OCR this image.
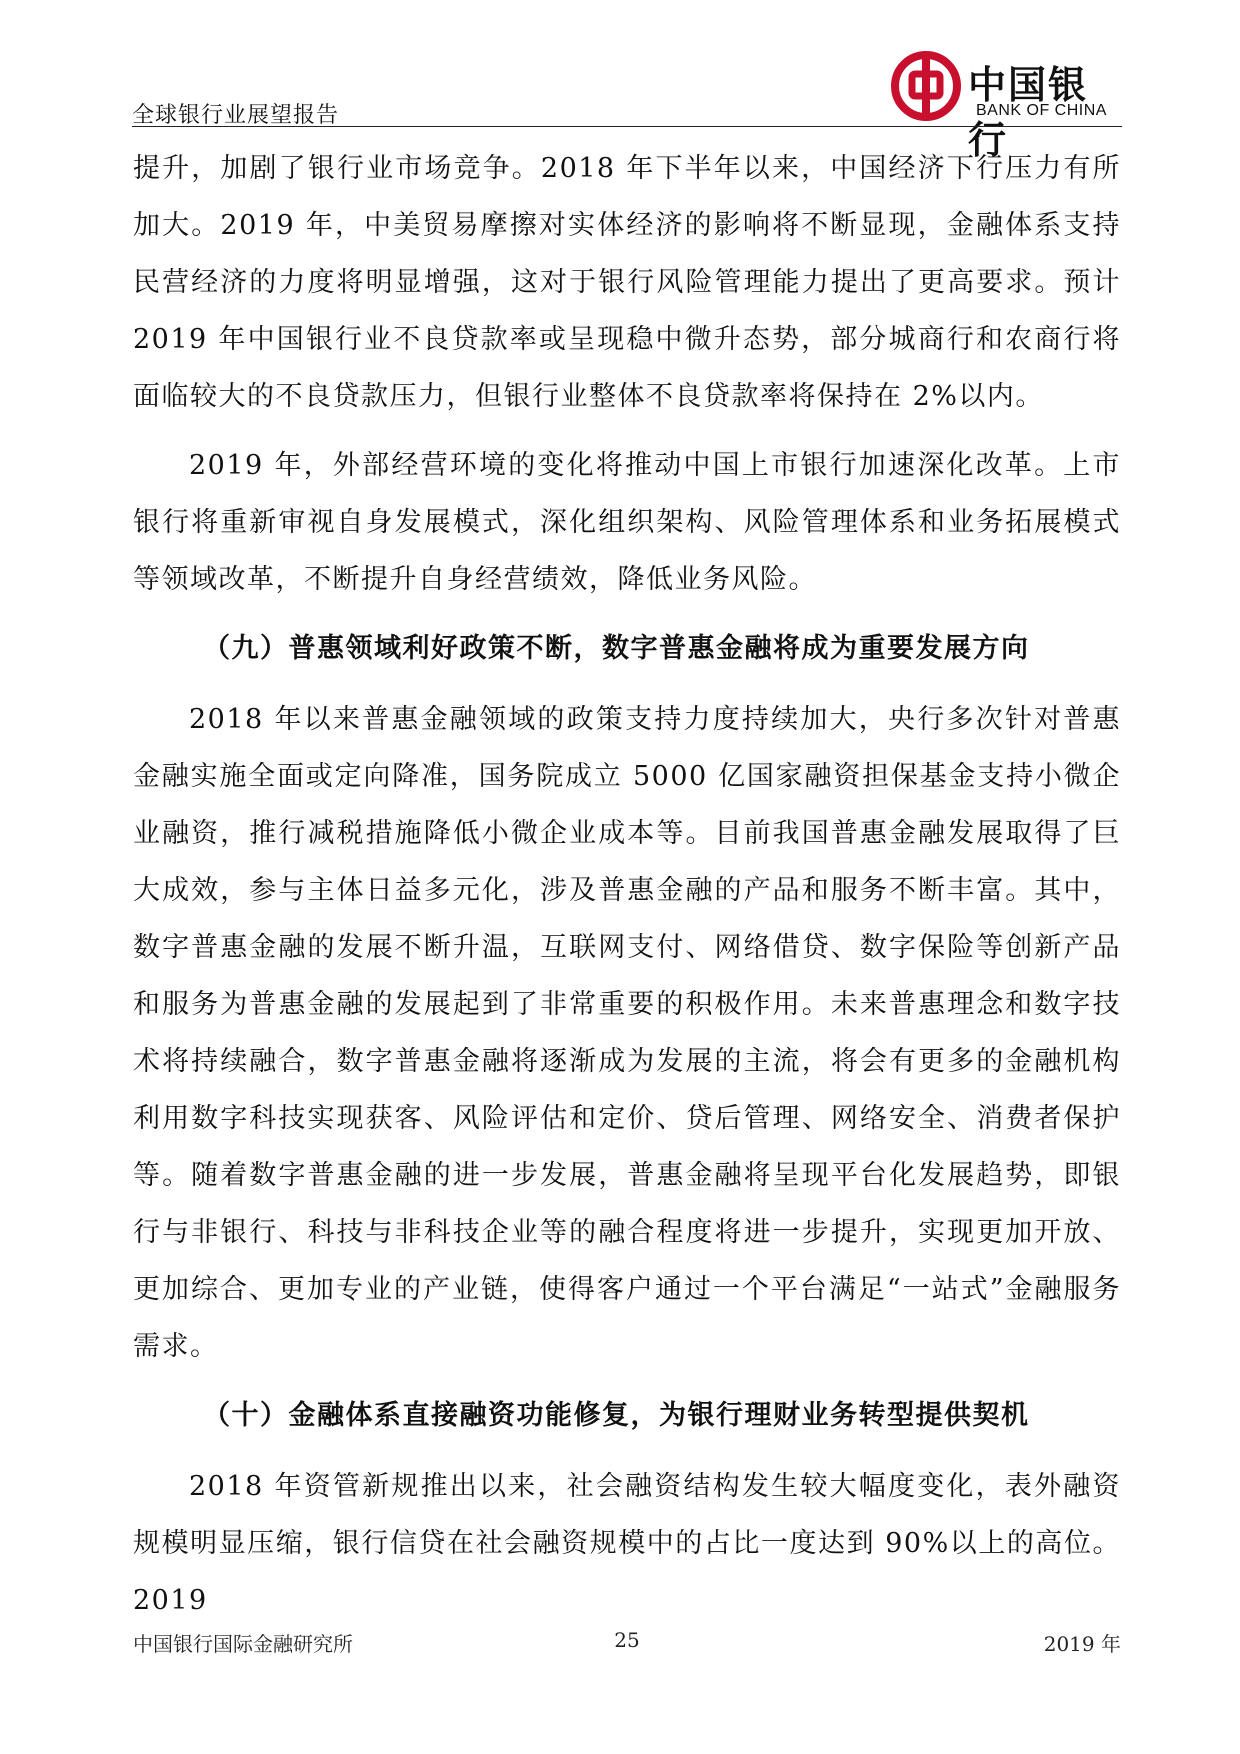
全球银行业展望报告
中国银行
BANK OF CHINA

提升，加剧了银行业市场竞争。2018 年下半年以来，中国经济下行压力有所加大。2019 年，中美贸易摩擦对实体经济的影响将不断显现，金融体系支持民营经济的力度将明显增强，这对于银行风险管理能力提出了更高要求。预计 2019 年中国银行业不良贷款率或呈现稳中微升态势，部分城商行和农商行将面临较大的不良贷款压力，但银行业整体不良贷款率将保持在 2%以内。

2019 年，外部经营环境的变化将推动中国上市银行加速深化改革。上市银行将重新审视自身发展模式，深化组织架构、风险管理体系和业务拓展模式等领域改革，不断提升自身经营绩效，降低业务风险。

（九）普惠领域利好政策不断，数字普惠金融将成为重要发展方向

2018 年以来普惠金融领域的政策支持力度持续加大，央行多次针对普惠金融实施全面或定向降准，国务院成立 5000 亿国家融资担保基金支持小微企业融资，推行减税措施降低小微企业成本等。目前我国普惠金融发展取得了巨大成效，参与主体日益多元化，涉及普惠金融的产品和服务不断丰富。其中，数字普惠金融的发展不断升温，互联网支付、网络借贷、数字保险等创新产品和服务为普惠金融的发展起到了非常重要的积极作用。未来普惠理念和数字技术将持续融合，数字普惠金融将逐渐成为发展的主流，将会有更多的金融机构利用数字科技实现获客、风险评估和定价、贷后管理、网络安全、消费者保护等。随着数字普惠金融的进一步发展，普惠金融将呈现平台化发展趋势，即银行与非银行、科技与非科技企业等的融合程度将进一步提升，实现更加开放、更加综合、更加专业的产业链，使得客户通过一个平台满足“一站式”金融服务需求。

（十）金融体系直接融资功能修复，为银行理财业务转型提供契机

2018 年资管新规推出以来，社会融资结构发生较大幅度变化，表外融资规模明显压缩，银行信贷在社会融资规模中的占比一度达到 90%以上的高位。2019

中国银行国际金融研究所	25	2019 年
